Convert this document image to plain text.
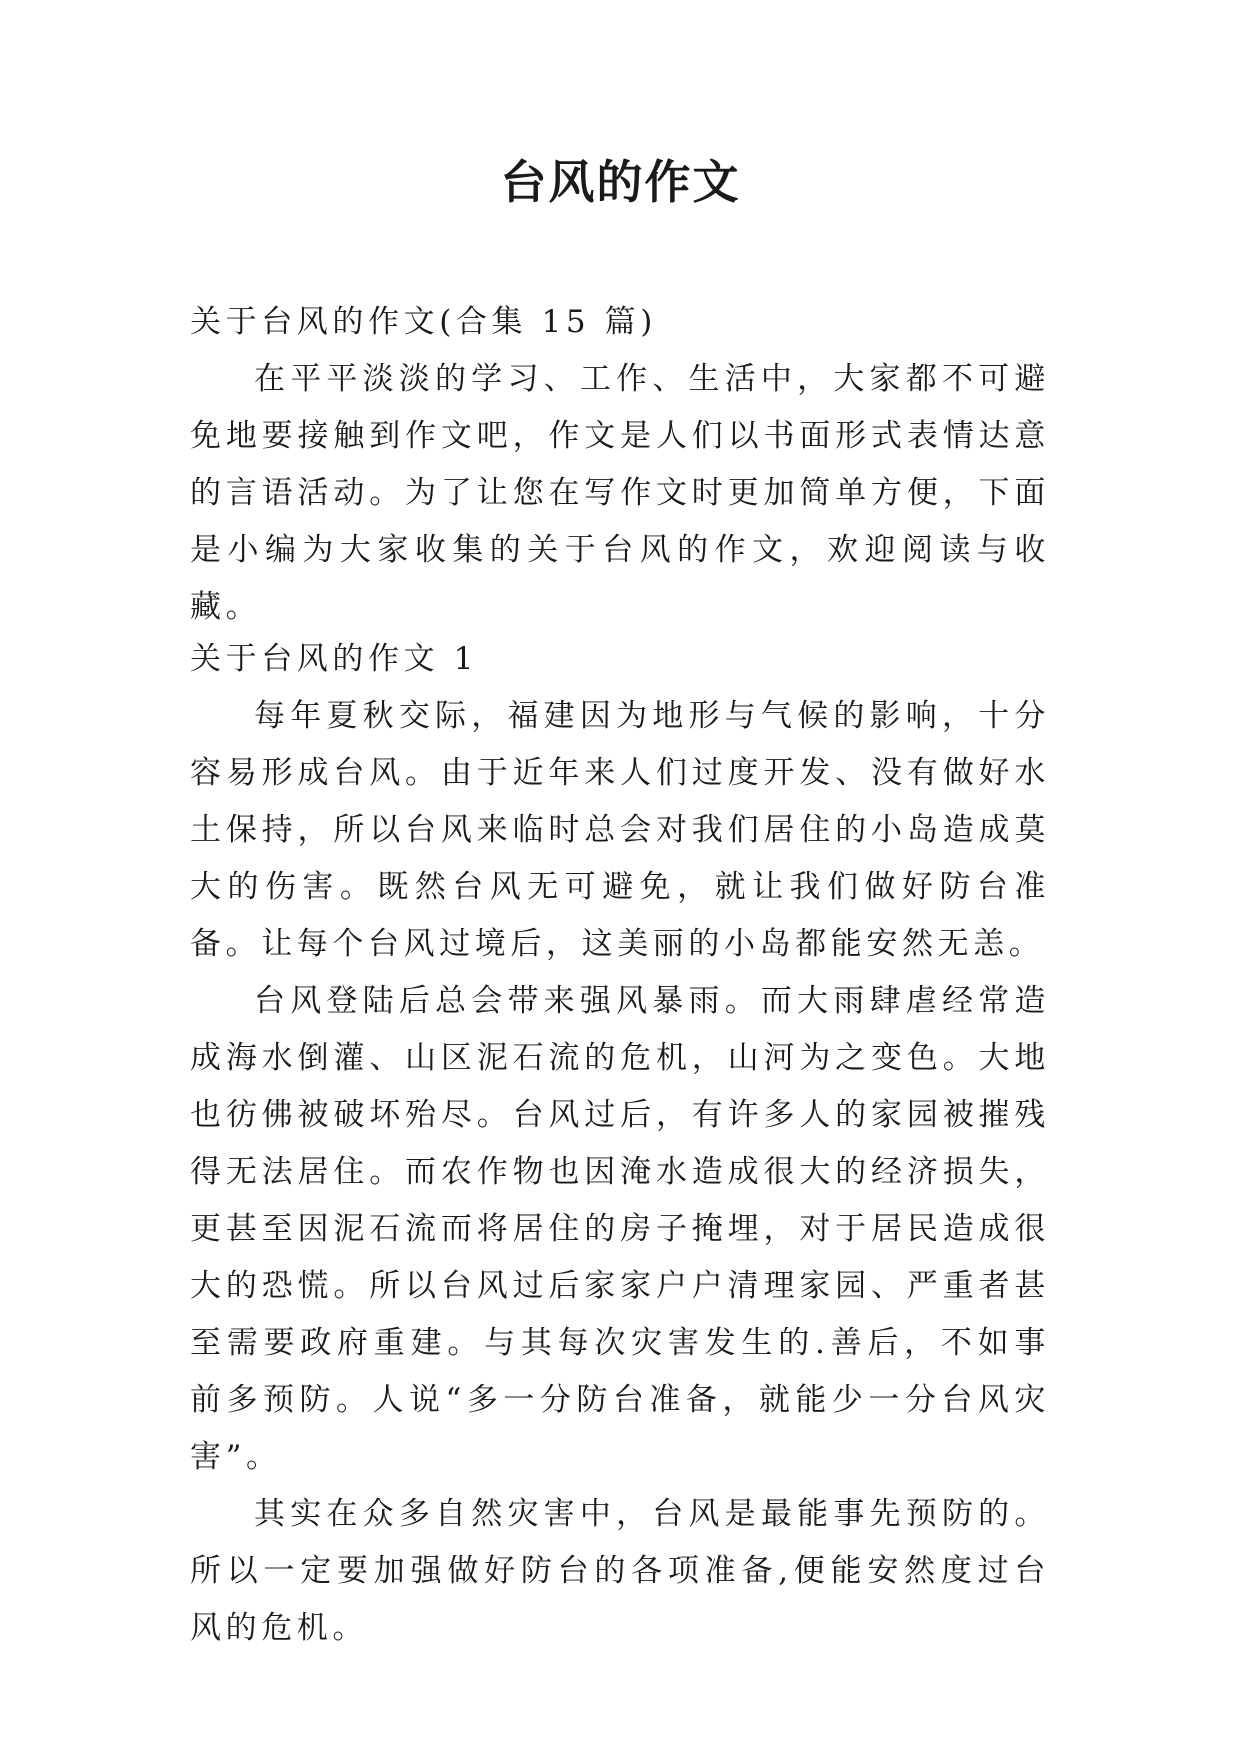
台风的作文
关于台风的作文(合集 15 篇)

在平平淡淡的学习、工作、生活中，大家都不可避免地要接触到作文吧，作文是人们以书面形式表情达意的言语活动。为了让您在写作文时更加简单方便，下面是小编为大家收集的关于台风的作文，欢迎阅读与收藏。

关于台风的作文 1

每年夏秋交际，福建因为地形与气候的影响，十分容易形成台风。由于近年来人们过度开发、没有做好水土保持，所以台风来临时总会对我们居住的小岛造成莫大的伤害。既然台风无可避免，就让我们做好防台准备。让每个台风过境后，这美丽的小岛都能安然无恙。

台风登陆后总会带来强风暴雨。而大雨肆虐经常造成海水倒灌、山区泥石流的危机，山河为之变色。大地也彷佛被破坏殆尽。台风过后，有许多人的家园被摧残得无法居住。而农作物也因淹水造成很大的经济损失，更甚至因泥石流而将居住的房子掩埋，对于居民造成很大的恐慌。所以台风过后家家户户清理家园、严重者甚至需要政府重建。与其每次灾害发生的.善后，不如事前多预防。人说“多一分防台准备，就能少一分台风灾害”。

其实在众多自然灾害中，台风是最能事先预防的。所以一定要加强做好防台的各项准备,便能安然度过台风的危机。
